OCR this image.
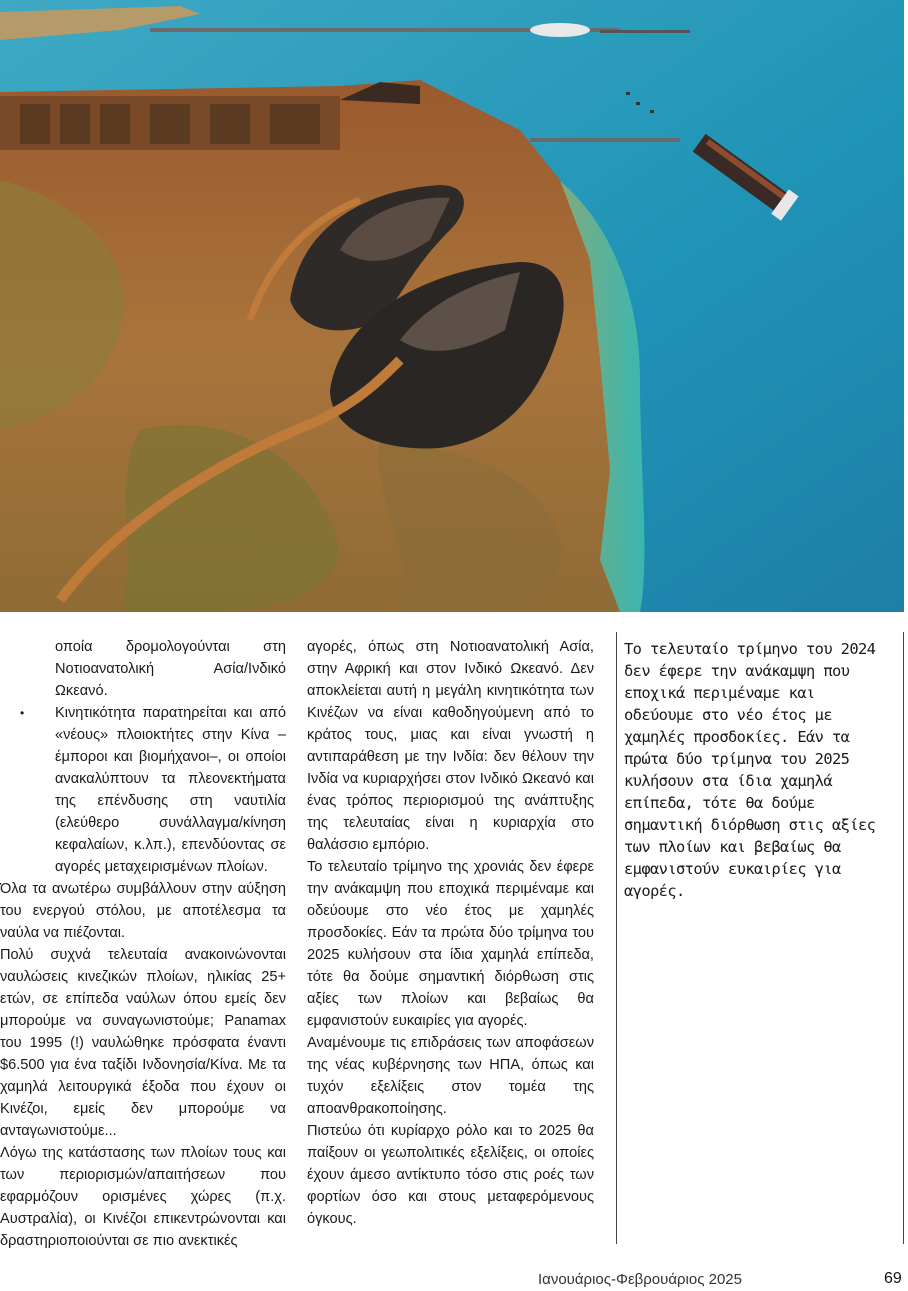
οποία δρομολογούνται στη Νοτιοανατολική Ασία/Ινδικό Ωκεανό.

• Κινητικότητα παρατηρείται και από «νέους» πλοιοκτήτες στην Κίνα –έμποροι και βιομήχανοι–, οι οποίοι ανακαλύπτουν τα πλεονεκτήματα της επένδυσης στη ναυτιλία (ελεύθερο συνάλλαγμα/κίνηση κεφαλαίων, κ.λπ.), επενδύοντας σε αγορές μεταχειρισμένων πλοίων.

Όλα τα ανωτέρω συμβάλλουν στην αύξηση του ενεργού στόλου, με αποτέλεσμα τα ναύλα να πιέζονται.

Πολύ συχνά τελευταία ανακοινώνονται ναυλώσεις κινεζικών πλοίων, ηλικίας 25+ ετών, σε επίπεδα ναύλων όπου εμείς δεν μπορούμε να συναγωνιστούμε; Panamax του 1995 (!) ναυλώθηκε πρόσφατα έναντι $6.500 για ένα ταξίδι Ινδονησία/Κίνα. Με τα χαμηλά λειτουργικά έξοδα που έχουν οι Κινέζοι, εμείς δεν μπορούμε να ανταγωνιστούμε...

Λόγω της κατάστασης των πλοίων τους και των περιορισμών/απαιτήσεων που εφαρμόζουν ορισμένες χώρες (π.χ. Αυστραλία), οι Κινέζοι επικεντρώνονται και δραστηριοποιούνται σε πιο ανεκτικές

αγορές, όπως στη Νοτιοανατολική Ασία, στην Αφρική και στον Ινδικό Ωκεανό. Δεν αποκλείεται αυτή η μεγάλη κινητικότητα των Κινέζων να είναι καθοδηγούμενη από το κράτος τους, μιας και είναι γνωστή η αντιπαράθεση με την Ινδία: δεν θέλουν την Ινδία να κυριαρχήσει στον Ινδικό Ωκεανό και ένας τρόπος περιορισμού της ανάπτυξης της τελευταίας είναι η κυριαρχία στο θαλάσσιο εμπόριο.

Το τελευταίο τρίμηνο της χρονιάς δεν έφερε την ανάκαμψη που εποχικά περιμέναμε και οδεύουμε στο νέο έτος με χαμηλές προσδοκίες. Εάν τα πρώτα δύο τρίμηνα του 2025 κυλήσουν στα ίδια χαμηλά επίπεδα, τότε θα δούμε σημαντική διόρθωση στις αξίες των πλοίων και βεβαίως θα εμφανιστούν ευκαιρίες για αγορές.

Αναμένουμε τις επιδράσεις των αποφάσεων της νέας κυβέρνησης των ΗΠΑ, όπως και τυχόν εξελίξεις στον τομέα της απoανθρακοποίησης.

Πιστεύω ότι κυρίαρχο ρόλο και το 2025 θα παίξουν οι γεωπολιτικές εξελίξεις, οι οποίες έχουν άμεσο αντίκτυπο τόσο στις ροές των φορτίων όσο και στους μεταφερόμενους όγκους.

Το τελευταίο τρίμηνο του 2024 δεν έφερε την ανάκαμψη που εποχικά περιμέναμε και οδεύουμε στο νέο έτος με χαμηλές προσδοκίες. Εάν τα πρώτα δύο τρίμηνα του 2025 κυλήσουν στα ίδια χαμηλά επίπεδα, τότε θα δούμε σημαντική διόρθωση στις αξίες των πλοίων και βεβαίως θα εμφανιστούν ευκαιρίες για αγορές.
Ιανουάριος-Φεβρουάριος 2025	69
